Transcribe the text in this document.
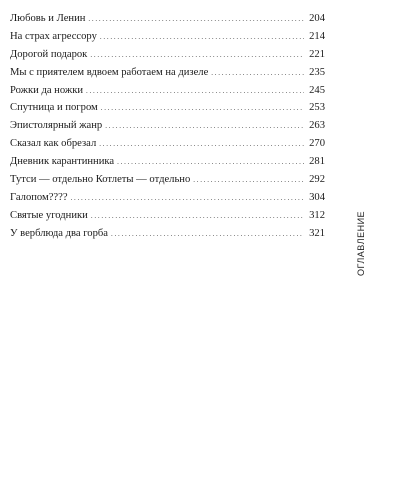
Любовь и Ленин . . .	204
На страх агрессору . . .	214
Дорогой подарок . . .	221
Мы с приятелем вдвоем работаем на дизеле . . .	235
Рожки да ножки . . .	245
Спутница и погром . . .	253
Эпистолярный жанр . . .	263
Сказал как обрезал . . .	270
Дневник карантинника . . .	281
Тутси — отдельно Котлеты — отдельно . . .	292
Галопом???? . . .	304
Святые угодники . . .	312
У верблюда два горба . . .	321	ОГЛАВЛЕНИЕ
